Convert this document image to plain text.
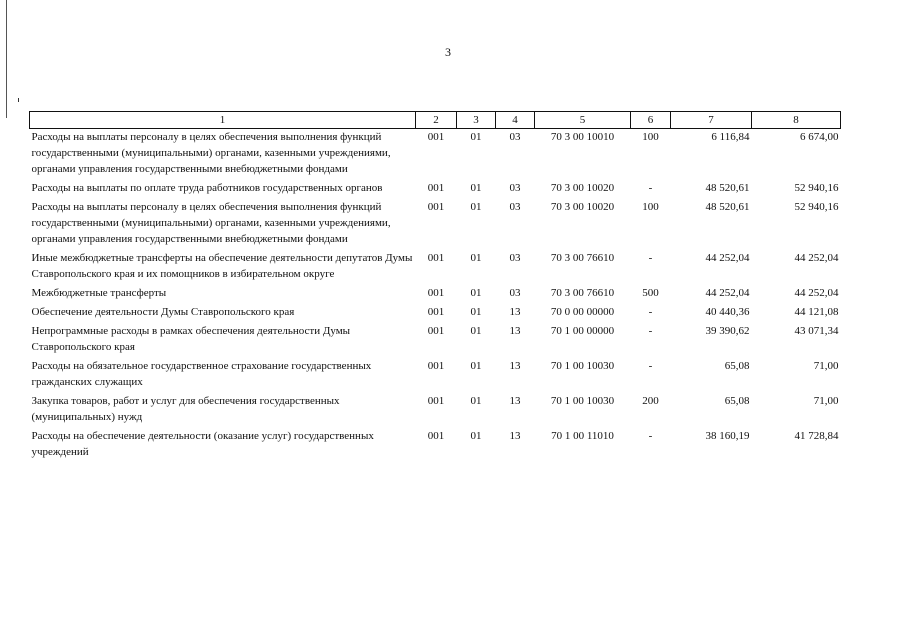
3
1	2	3	4	5	6	7	8
Расходы на выплаты персоналу в целях обеспечения выполнения функций государственными (муниципальными) органами, казенными учреждениями, органами управления государственными внебюджетными фондами	001	01	03	70 3 00 10010	100	6 116,84	6 674,00
Расходы на выплаты по оплате труда работников государственных органов	001	01	03	70 3 00 10020	-	48 520,61	52 940,16
Расходы на выплаты персоналу в целях обеспечения выполнения функций государственными (муниципальными) органами, казенными учреждениями, органами управления государственными внебюджетными фондами	001	01	03	70 3 00 10020	100	48 520,61	52 940,16
Иные межбюджетные трансферты на обеспечение деятельности депутатов Думы Ставропольского края и их помощников в избирательном округе	001	01	03	70 3 00 76610	-	44 252,04	44 252,04
Межбюджетные трансферты	001	01	03	70 3 00 76610	500	44 252,04	44 252,04
Обеспечение деятельности Думы Ставропольского края	001	01	13	70 0 00 00000	-	40 440,36	44 121,08
Непрограммные расходы в рамках обеспечения деятельности Думы Ставропольского края	001	01	13	70 1 00 00000	-	39 390,62	43 071,34
Расходы на обязательное государственное страхование государственных гражданских служащих	001	01	13	70 1 00 10030	-	65,08	71,00
Закупка товаров, работ и услуг для обеспечения государственных (муниципальных) нужд	001	01	13	70 1 00 10030	200	65,08	71,00
Расходы на обеспечение деятельности (оказание услуг) государственных учреждений	001	01	13	70 1 00 11010	-	38 160,19	41 728,84
